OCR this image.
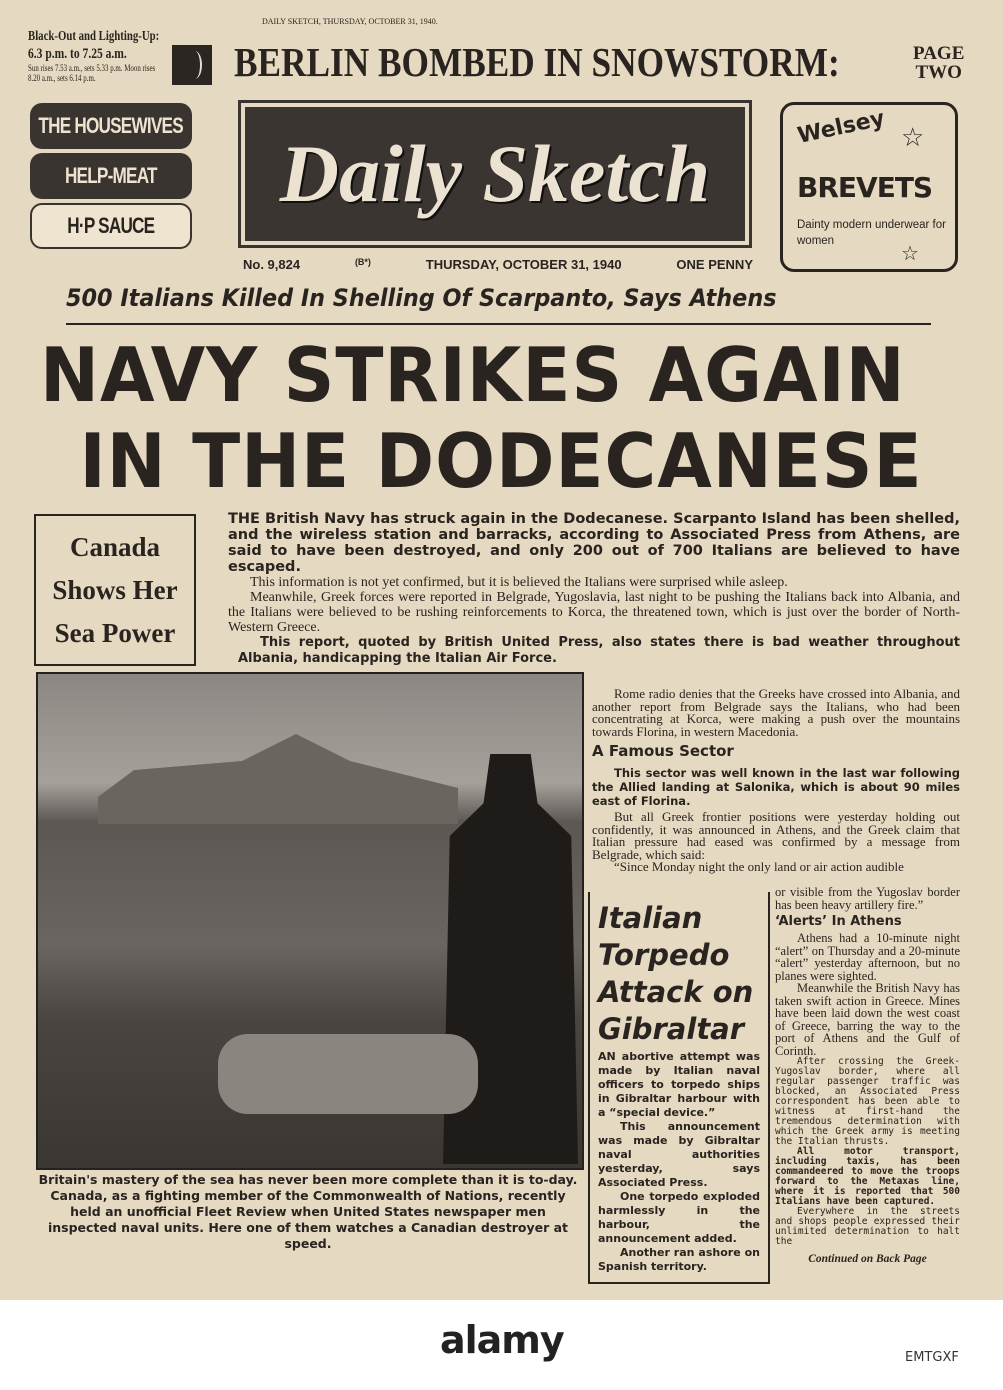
DAILY SKETCH, THURSDAY, OCTOBER 31, 1940.
Black-Out and Lighting-Up:
6.3 p.m. to 7.25 a.m.
Sun rises 7.53 a.m., sets 5.33 p.m. Moon rises 8.20 a.m., sets 6.14 p.m.	BERLIN BOMBED IN SNOWSTORM:	PAGE
TWO
THE HOUSEWIVES
HELP-MEAT
H·P SAUCE
Daily Sketch
Welsey ☆
BREVETS
Dainty modern underwear for women	☆
No. 9,824	(B*)	THURSDAY, OCTOBER 31, 1940	ONE PENNY
500 Italians Killed In Shelling Of Scarpanto, Says Athens
NAVY STRIKES AGAIN
IN THE DODECANESE
Canada Shows Her Sea Power

THE British Navy has struck again in the Dodecanese. Scarpanto Island has been shelled, and the wireless station and barracks, according to Associated Press from Athens, are said to have been destroyed, and only 200 out of 700 Italians are believed to have escaped.

This information is not yet confirmed, but it is believed the Italians were surprised while asleep.

Meanwhile, Greek forces were reported in Belgrade, Yugoslavia, last night to be pushing the Italians back into Albania, and the Italians were believed to be rushing reinforcements to Korca, the threatened town, which is just over the border of North-Western Greece.

This report, quoted by British United Press, also states there is bad weather throughout Albania, handicapping the Italian Air Force.

Britain's mastery of the sea has never been more complete than it is to-day. Canada, as a fighting member of the Commonwealth of Nations, recently held an unofficial Fleet Review when United States newspaper men inspected naval units. Here one of them watches a Canadian destroyer at speed.

Rome radio denies that the Greeks have crossed into Albania, and another report from Belgrade says the Italians, who had been concentrating at Korca, were making a push over the mountains towards Florina, in western Macedonia.

A Famous Sector

This sector was well known in the last war following the Allied landing at Salonika, which is about 90 miles east of Florina.

But all Greek frontier positions were yesterday holding out confidently, it was announced in Athens, and the Greek claim that Italian pressure had eased was confirmed by a message from Belgrade, which said:

“Since Monday night the only land or air action audible

Italian Torpedo Attack on Gibraltar

AN abortive attempt was made by Italian naval officers to torpedo ships in Gibraltar harbour with a “special device.”

This announcement was made by Gibraltar naval authorities yesterday, says Associated Press.

One torpedo exploded harmlessly in the harbour, the announcement added.

Another ran ashore on Spanish territory.

or visible from the Yugoslav border has been heavy artillery fire.”

‘Alerts’ In Athens

Athens had a 10-minute night “alert” on Thursday and a 20-minute “alert” yesterday afternoon, but no planes were sighted.

Meanwhile the British Navy has taken swift action in Greece. Mines have been laid down the west coast of Greece, barring the way to the port of Athens and the Gulf of Corinth.

After crossing the Greek-Yugoslav border, where all regular passenger traffic was blocked, an Associated Press correspondent has been able to witness at first-hand the tremendous determination with which the Greek army is meeting the Italian thrusts.

All motor transport, including taxis, has been commandeered to move the troops forward to the Metaxas line, where it is reported that 500 Italians have been captured.

Everywhere in the streets and shops people expressed their unlimited determination to halt the

Continued on Back Page
alamy	EMTGXF
